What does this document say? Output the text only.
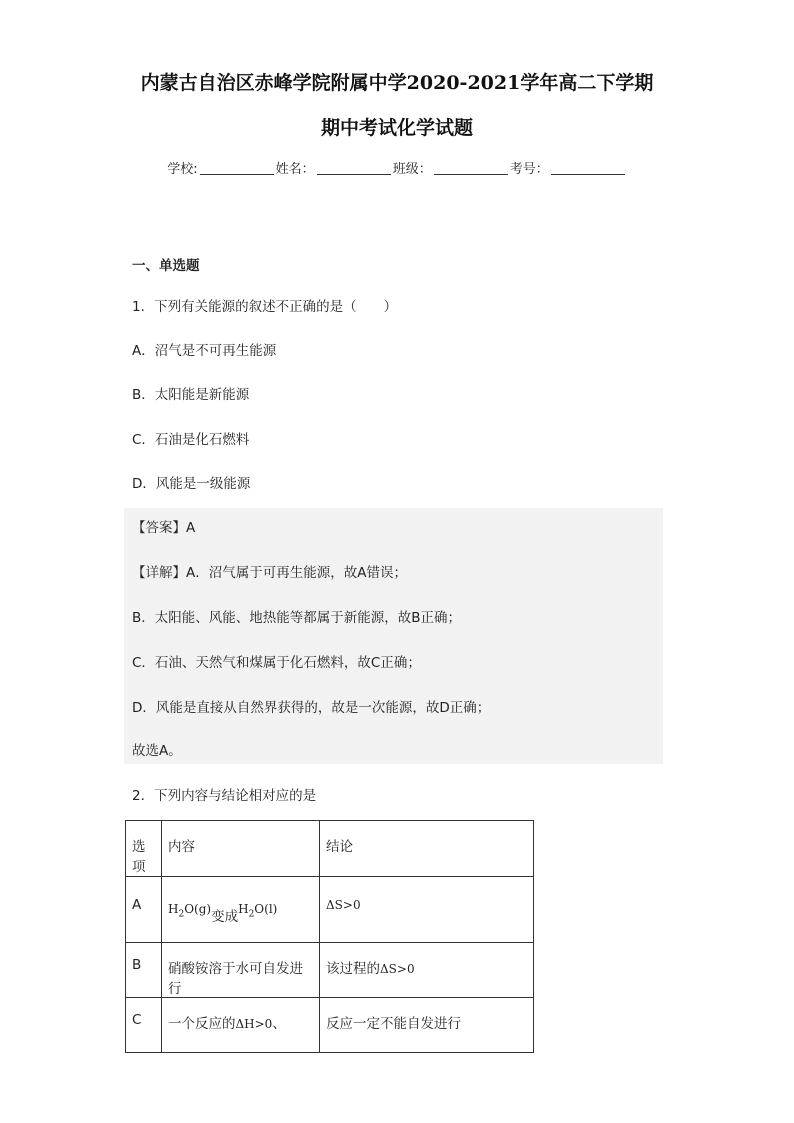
内蒙古自治区赤峰学院附属中学2020-2021学年高二下学期
期中考试化学试题
学校:	姓名：	班级：	考号：
一、单选题
1．下列有关能源的叙述不正确的是（　　）
A．沼气是不可再生能源
B．太阳能是新能源
C．石油是化石燃料
D．风能是一级能源
【答案】A
【详解】A．沼气属于可再生能源，故A错误；
B．太阳能、风能、地热能等都属于新能源，故B正确；
C．石油、天然气和煤属于化石燃料，故C正确；
D．风能是直接从自然界获得的，故是一次能源，故D正确；
故选A。
2．下列内容与结论相对应的是
选项	内容	结论
A	$H_2O(g)$变成$H_2O(l)$	ΔS>0
B	硝酸铵溶于水可自发进行	该过程的ΔS>0
C	一个反应的ΔH>0、	反应一定不能自发进行
